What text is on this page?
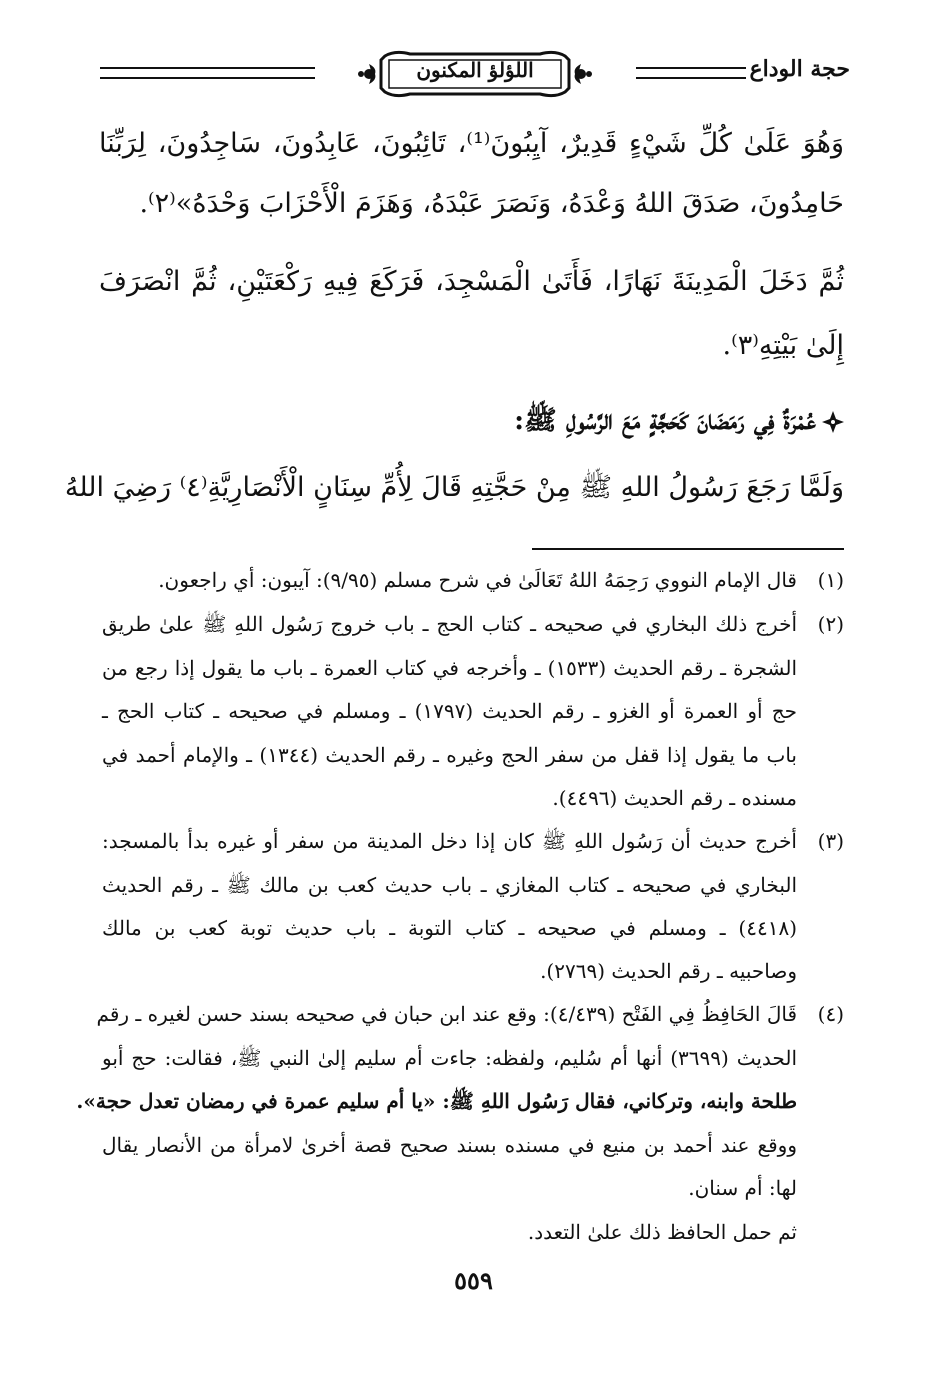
حجة الوداع
اللؤلؤ المكنون
وَهُوَ عَلَىٰ كُلِّ شَيْءٍ قَدِيرٌ، آيِبُونَ⁽¹⁾، تَائِبُونَ، عَابِدُونَ، سَاجِدُونَ، لِرَبِّنَا
حَامِدُونَ، صَدَقَ اللهُ وَعْدَهُ، وَنَصَرَ عَبْدَهُ، وَهَزَمَ الْأَحْزَابَ وَحْدَهُ»⁽٢⁾.
ثُمَّ دَخَلَ الْمَدِينَةَ نَهَارًا، فَأَتَىٰ الْمَسْجِدَ، فَرَكَعَ فِيهِ رَكْعَتَيْنِ، ثُمَّ انْصَرَفَ
إِلَىٰ بَيْتِهِ⁽٣⁾.
عُمْرَةٌ فِي رَمَضَانَ كَحَجَّةٍ مَعَ الرَّسُولِ ﷺ:
وَلَمَّا رَجَعَ رَسُولُ اللهِ ﷺ مِنْ حَجَّتِهِ قَالَ لِأُمِّ سِنَانٍ الْأَنْصَارِيَّةِ⁽٤⁾ رَضِيَ اللهُ
(١)
قال الإمام النووي رَحِمَهُ اللهُ تَعَالَىٰ في شرح مسلم (٩/٩٥): آيبون: أي راجعون.
(٢)
أخرج ذلك البخاري في صحيحه ـ كتاب الحج ـ باب خروج رَسُول اللهِ ﷺ علىٰ طريق
الشجرة ـ رقم الحديث (١٥٣٣) ـ وأخرجه في كتاب العمرة ـ باب ما يقول إذا رجع من
حج أو العمرة أو الغزو ـ رقم الحديث (١٧٩٧) ـ ومسلم في صحيحه ـ كتاب الحج ـ
باب ما يقول إذا قفل من سفر الحج وغيره ـ رقم الحديث (١٣٤٤) ـ والإمام أحمد في
مسنده ـ رقم الحديث (٤٤٩٦).
(٣)
أخرج حديث أن رَسُول اللهِ ﷺ كان إذا دخل المدينة من سفر أو غيره بدأ بالمسجد:
البخاري في صحيحه ـ كتاب المغازي ـ باب حديث كعب بن مالك ﷺ ـ رقم الحديث
(٤٤١٨) ـ ومسلم في صحيحه ـ كتاب التوبة ـ باب حديث توبة كعب بن مالك
وصاحبيه ـ رقم الحديث (٢٧٦٩).
(٤)
قَالَ الحَافِظُ فِي الفَتْح (٤/٤٣٩): وقع عند ابن حبان في صحيحه بسند حسن لغيره ـ رقم
الحديث (٣٦٩٩) أنها أم سُليم، ولفظه: جاءت أم سليم إلىٰ النبي ﷺ، فقالت: حج أبو
طلحة وابنه، وتركاني، فقال رَسُول اللهِ ﷺ: «يا أم سليم عمرة في رمضان تعدل حجة».
ووقع عند أحمد بن منيع في مسنده بسند صحيح قصة أخرىٰ لامرأة من الأنصار يقال
لها: أم سنان.
ثم حمل الحافظ ذلك علىٰ التعدد.
٥٥٩
